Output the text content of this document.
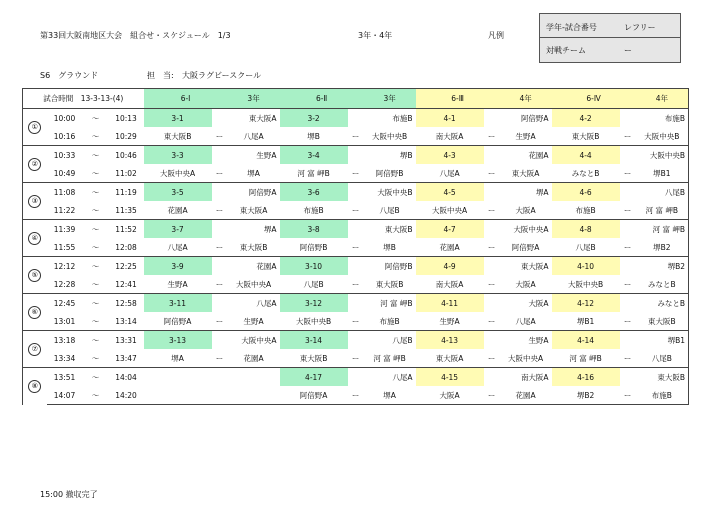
第33回大阪南地区大会　組合せ・スケジュール　1/3	3年・4年	凡例
学年-試合番号	レフリー
対戦チーム	ー
S6　グラウンド	担　当: 大阪ラグビースクール
試合時間　13-3-13-(4)				6-Ⅰ		3年	6-Ⅱ		3年	6-Ⅲ		4年	6-Ⅳ		4年
①	10:00	～	10:13	3-1	東大阪A		3-2	布施B		4-1	阿倍野A		4-2	布施B	
	10:16	～	10:29	東大阪B	ー	八尾A	堺B	ー	大阪中央B	南大阪A	ー	生野A	東大阪B	ー	大阪中央B
②	10:33	～	10:46	3-3	生野A		3-4	堺B		4-3	花園A		4-4	大阪中央B	
	10:49	～	11:02	大阪中央A	ー	堺A	河 富 岬B	ー	阿倍野B	八尾A	ー	東大阪A	みなとB	ー	堺B1
③	11:08	～	11:19	3-5	阿倍野A		3-6	大阪中央B		4-5	堺A		4-6	八尾B	
	11:22	～	11:35	花園A	ー	東大阪A	布施B	ー	八尾B	大阪中央A	ー	大阪A	布施B	ー	河 富 岬B
④	11:39	～	11:52	3-7	堺A		3-8	東大阪B		4-7	大阪中央A		4-8	河 富 岬B	
	11:55	～	12:08	八尾A	ー	東大阪B	阿倍野B	ー	堺B	花園A	ー	阿倍野A	八尾B	ー	堺B2
⑤	12:12	～	12:25	3-9	花園A		3-10	阿倍野B		4-9	東大阪A		4-10	堺B2	
	12:28	～	12:41	生野A	ー	大阪中央A	八尾B	ー	東大阪B	南大阪A	ー	大阪A	大阪中央B	ー	みなとB
⑥	12:45	～	12:58	3-11	八尾A		3-12	河 富 岬B		4-11	大阪A		4-12	みなとB	
	13:01	～	13:14	阿倍野A	ー	生野A	大阪中央B	ー	布施B	生野A	ー	八尾A	堺B1	ー	東大阪B
⑦	13:18	～	13:31	3-13	大阪中央A		3-14	八尾B		4-13	生野A		4-14	堺B1	
	13:34	～	13:47	堺A	ー	花園A	東大阪B	ー	河 富 岬B	東大阪A	ー	大阪中央A	河 富 岬B	ー	八尾B
⑧	13:51	～	14:04				4-17	八尾A		4-15	南大阪A		4-16	東大阪B	
	14:07	～	14:20				阿倍野A	ー	堺A	大阪A	ー	花園A	堺B2	ー	布施B
15:00 撤収完了
